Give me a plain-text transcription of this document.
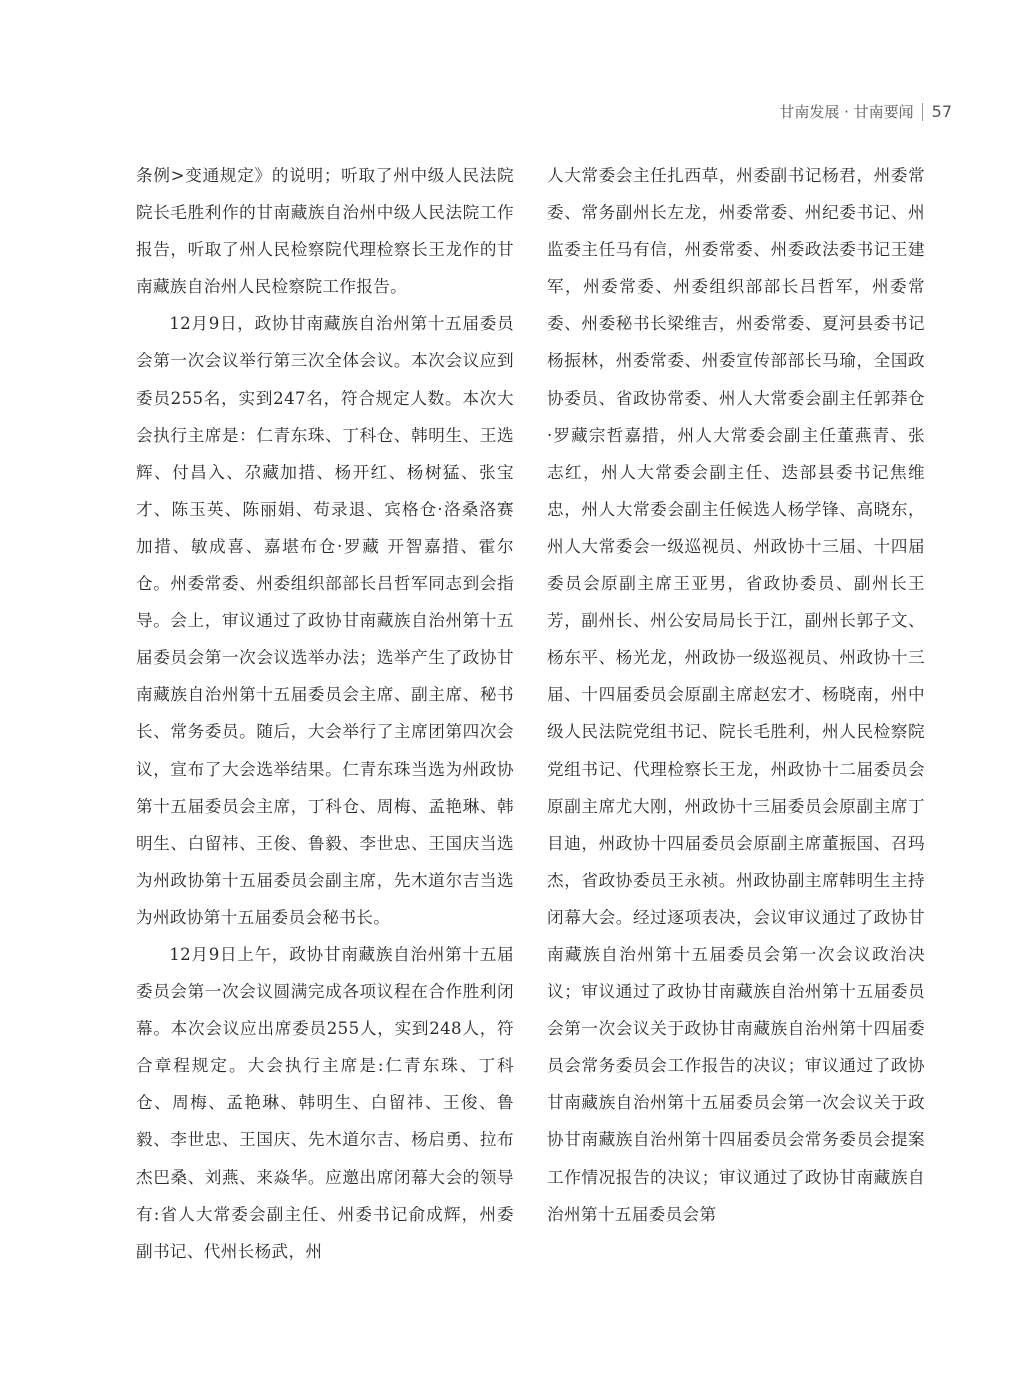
甘南发展 · 甘南要闻 57

条例>变通规定》的说明；听取了州中级人民法院院长毛胜利作的甘南藏族自治州中级人民法院工作报告，听取了州人民检察院代理检察长王龙作的甘南藏族自治州人民检察院工作报告。

12月9日，政协甘南藏族自治州第十五届委员会第一次会议举行第三次全体会议。本次会议应到委员255名，实到247名，符合规定人数。本次大会执行主席是：仁青东珠、丁科仓、韩明生、王选辉、付昌入、尕藏加措、杨开红、杨树猛、张宝才、陈玉英、陈丽娟、苟录退、宾格仓·洛桑洛赛加措、敏成喜、嘉堪布仓·罗藏 开智嘉措、霍尔仓。州委常委、州委组织部部长吕哲军同志到会指导。会上，审议通过了政协甘南藏族自治州第十五届委员会第一次会议选举办法；选举产生了政协甘南藏族自治州第十五届委员会主席、副主席、秘书长、常务委员。随后，大会举行了主席团第四次会议，宣布了大会选举结果。仁青东珠当选为州政协第十五届委员会主席，丁科仓、周梅、孟艳琳、韩明生、白留祎、王俊、鲁毅、李世忠、王国庆当选为州政协第十五届委员会副主席，先木道尔吉当选为州政协第十五届委员会秘书长。

12月9日上午，政协甘南藏族自治州第十五届委员会第一次会议圆满完成各项议程在合作胜利闭幕。本次会议应出席委员255人，实到248人，符合章程规定。大会执行主席是:仁青东珠、丁科仓、周梅、孟艳琳、韩明生、白留祎、王俊、鲁毅、李世忠、王国庆、先木道尔吉、杨启勇、拉布杰巴桑、刘燕、来焱华。应邀出席闭幕大会的领导有:省人大常委会副主任、州委书记俞成辉，州委副书记、代州长杨武，州

人大常委会主任扎西草，州委副书记杨君，州委常委、常务副州长左龙，州委常委、州纪委书记、州监委主任马有信，州委常委、州委政法委书记王建军，州委常委、州委组织部部长吕哲军，州委常委、州委秘书长梁维吉，州委常委、夏河县委书记杨振林，州委常委、州委宣传部部长马瑜，全国政协委员、省政协常委、州人大常委会副主任郭莽仓·罗藏宗哲嘉措，州人大常委会副主任董燕青、张志红，州人大常委会副主任、迭部县委书记焦维忠，州人大常委会副主任候选人杨学锋、高晓东，州人大常委会一级巡视员、州政协十三届、十四届委员会原副主席王亚男，省政协委员、副州长王芳，副州长、州公安局局长于江，副州长郭子文、杨东平、杨光龙，州政协一级巡视员、州政协十三届、十四届委员会原副主席赵宏才、杨晓南，州中级人民法院党组书记、院长毛胜利，州人民检察院党组书记、代理检察长王龙，州政协十二届委员会原副主席尤大刚，州政协十三届委员会原副主席丁目迪，州政协十四届委员会原副主席董振国、召玛杰，省政协委员王永祯。州政协副主席韩明生主持闭幕大会。经过逐项表决，会议审议通过了政协甘南藏族自治州第十五届委员会第一次会议政治决议；审议通过了政协甘南藏族自治州第十五届委员会第一次会议关于政协甘南藏族自治州第十四届委员会常务委员会工作报告的决议；审议通过了政协甘南藏族自治州第十五届委员会第一次会议关于政协甘南藏族自治州第十四届委员会常务委员会提案工作情况报告的决议；审议通过了政协甘南藏族自治州第十五届委员会第
